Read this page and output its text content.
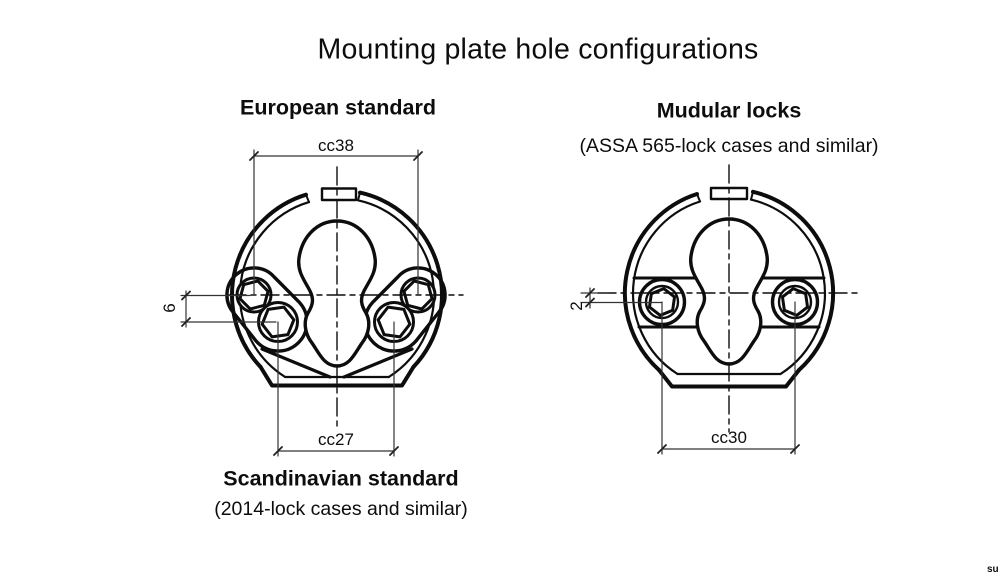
Mounting plate hole configurations
European standard	Mudular locks
(ASSA 565-lock cases and similar)
Scandinavian standard
(2014-lock cases and similar)
cc38
6
cc27
2
cc30
su
